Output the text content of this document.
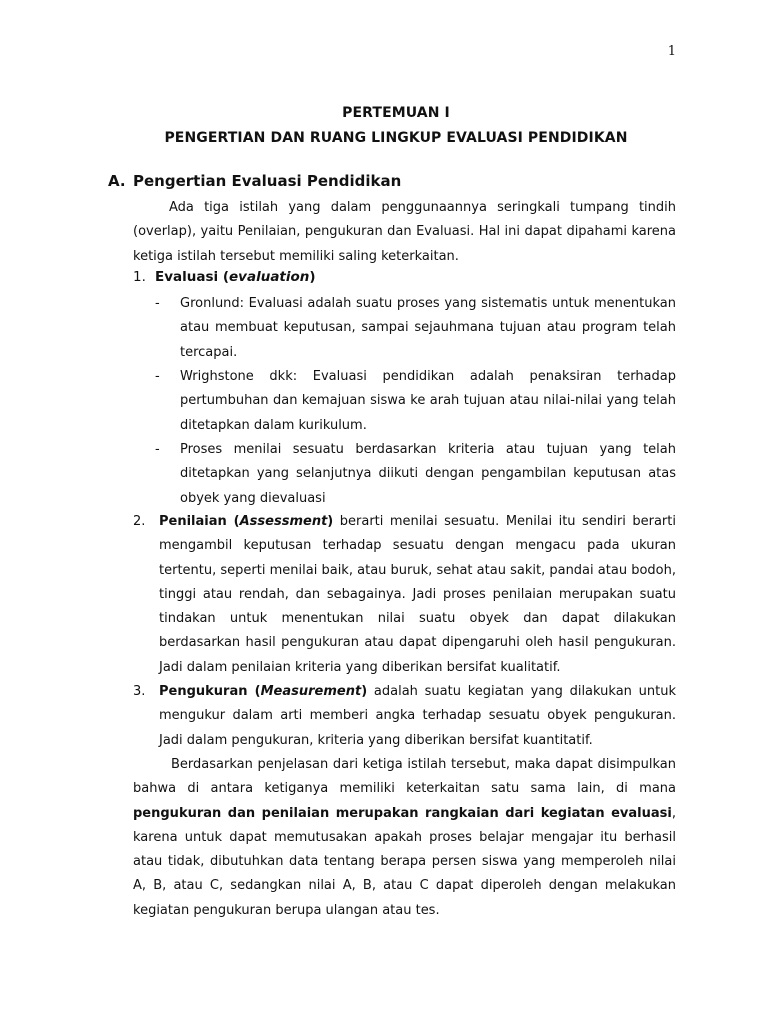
1
PERTEMUAN I
PENGERTIAN DAN RUANG LINGKUP EVALUASI PENDIDIKAN
A. Pengertian Evaluasi Pendidikan

Ada tiga istilah yang dalam penggunaannya seringkali tumpang tindih (overlap), yaitu Penilaian, pengukuran dan Evaluasi. Hal ini dapat dipahami karena ketiga istilah tersebut memiliki saling keterkaitan.

1. Evaluasi (evaluation)
- Gronlund: Evaluasi adalah suatu proses yang sistematis untuk menentukan atau membuat keputusan, sampai sejauhmana tujuan atau program telah tercapai.
- Wrighstone dkk: Evaluasi pendidikan adalah penaksiran terhadap pertumbuhan dan kemajuan siswa ke arah tujuan atau nilai-nilai yang telah ditetapkan dalam kurikulum.
- Proses menilai sesuatu berdasarkan kriteria atau tujuan yang telah ditetapkan yang selanjutnya diikuti dengan pengambilan keputusan atas obyek yang dievaluasi
2. Penilaian (Assessment) berarti menilai sesuatu. Menilai itu sendiri berarti mengambil keputusan terhadap sesuatu dengan mengacu pada ukuran tertentu, seperti menilai baik, atau buruk, sehat atau sakit, pandai atau bodoh, tinggi atau rendah, dan sebagainya. Jadi proses penilaian merupakan suatu tindakan untuk menentukan nilai suatu obyek dan dapat dilakukan berdasarkan hasil pengukuran atau dapat dipengaruhi oleh hasil pengukuran. Jadi dalam penilaian kriteria yang diberikan bersifat kualitatif.
3. Pengukuran (Measurement) adalah suatu kegiatan yang dilakukan untuk mengukur dalam arti memberi angka terhadap sesuatu obyek pengukuran. Jadi dalam pengukuran, kriteria yang diberikan bersifat kuantitatif.

Berdasarkan penjelasan dari ketiga istilah tersebut, maka dapat disimpulkan bahwa di antara ketiganya memiliki keterkaitan satu sama lain, di mana pengukuran dan penilaian merupakan rangkaian dari kegiatan evaluasi, karena untuk dapat memutusakan apakah proses belajar mengajar itu berhasil atau tidak, dibutuhkan data tentang berapa persen siswa yang memperoleh nilai A, B, atau C, sedangkan nilai A, B, atau C dapat diperoleh dengan melakukan kegiatan pengukuran berupa ulangan atau tes.
